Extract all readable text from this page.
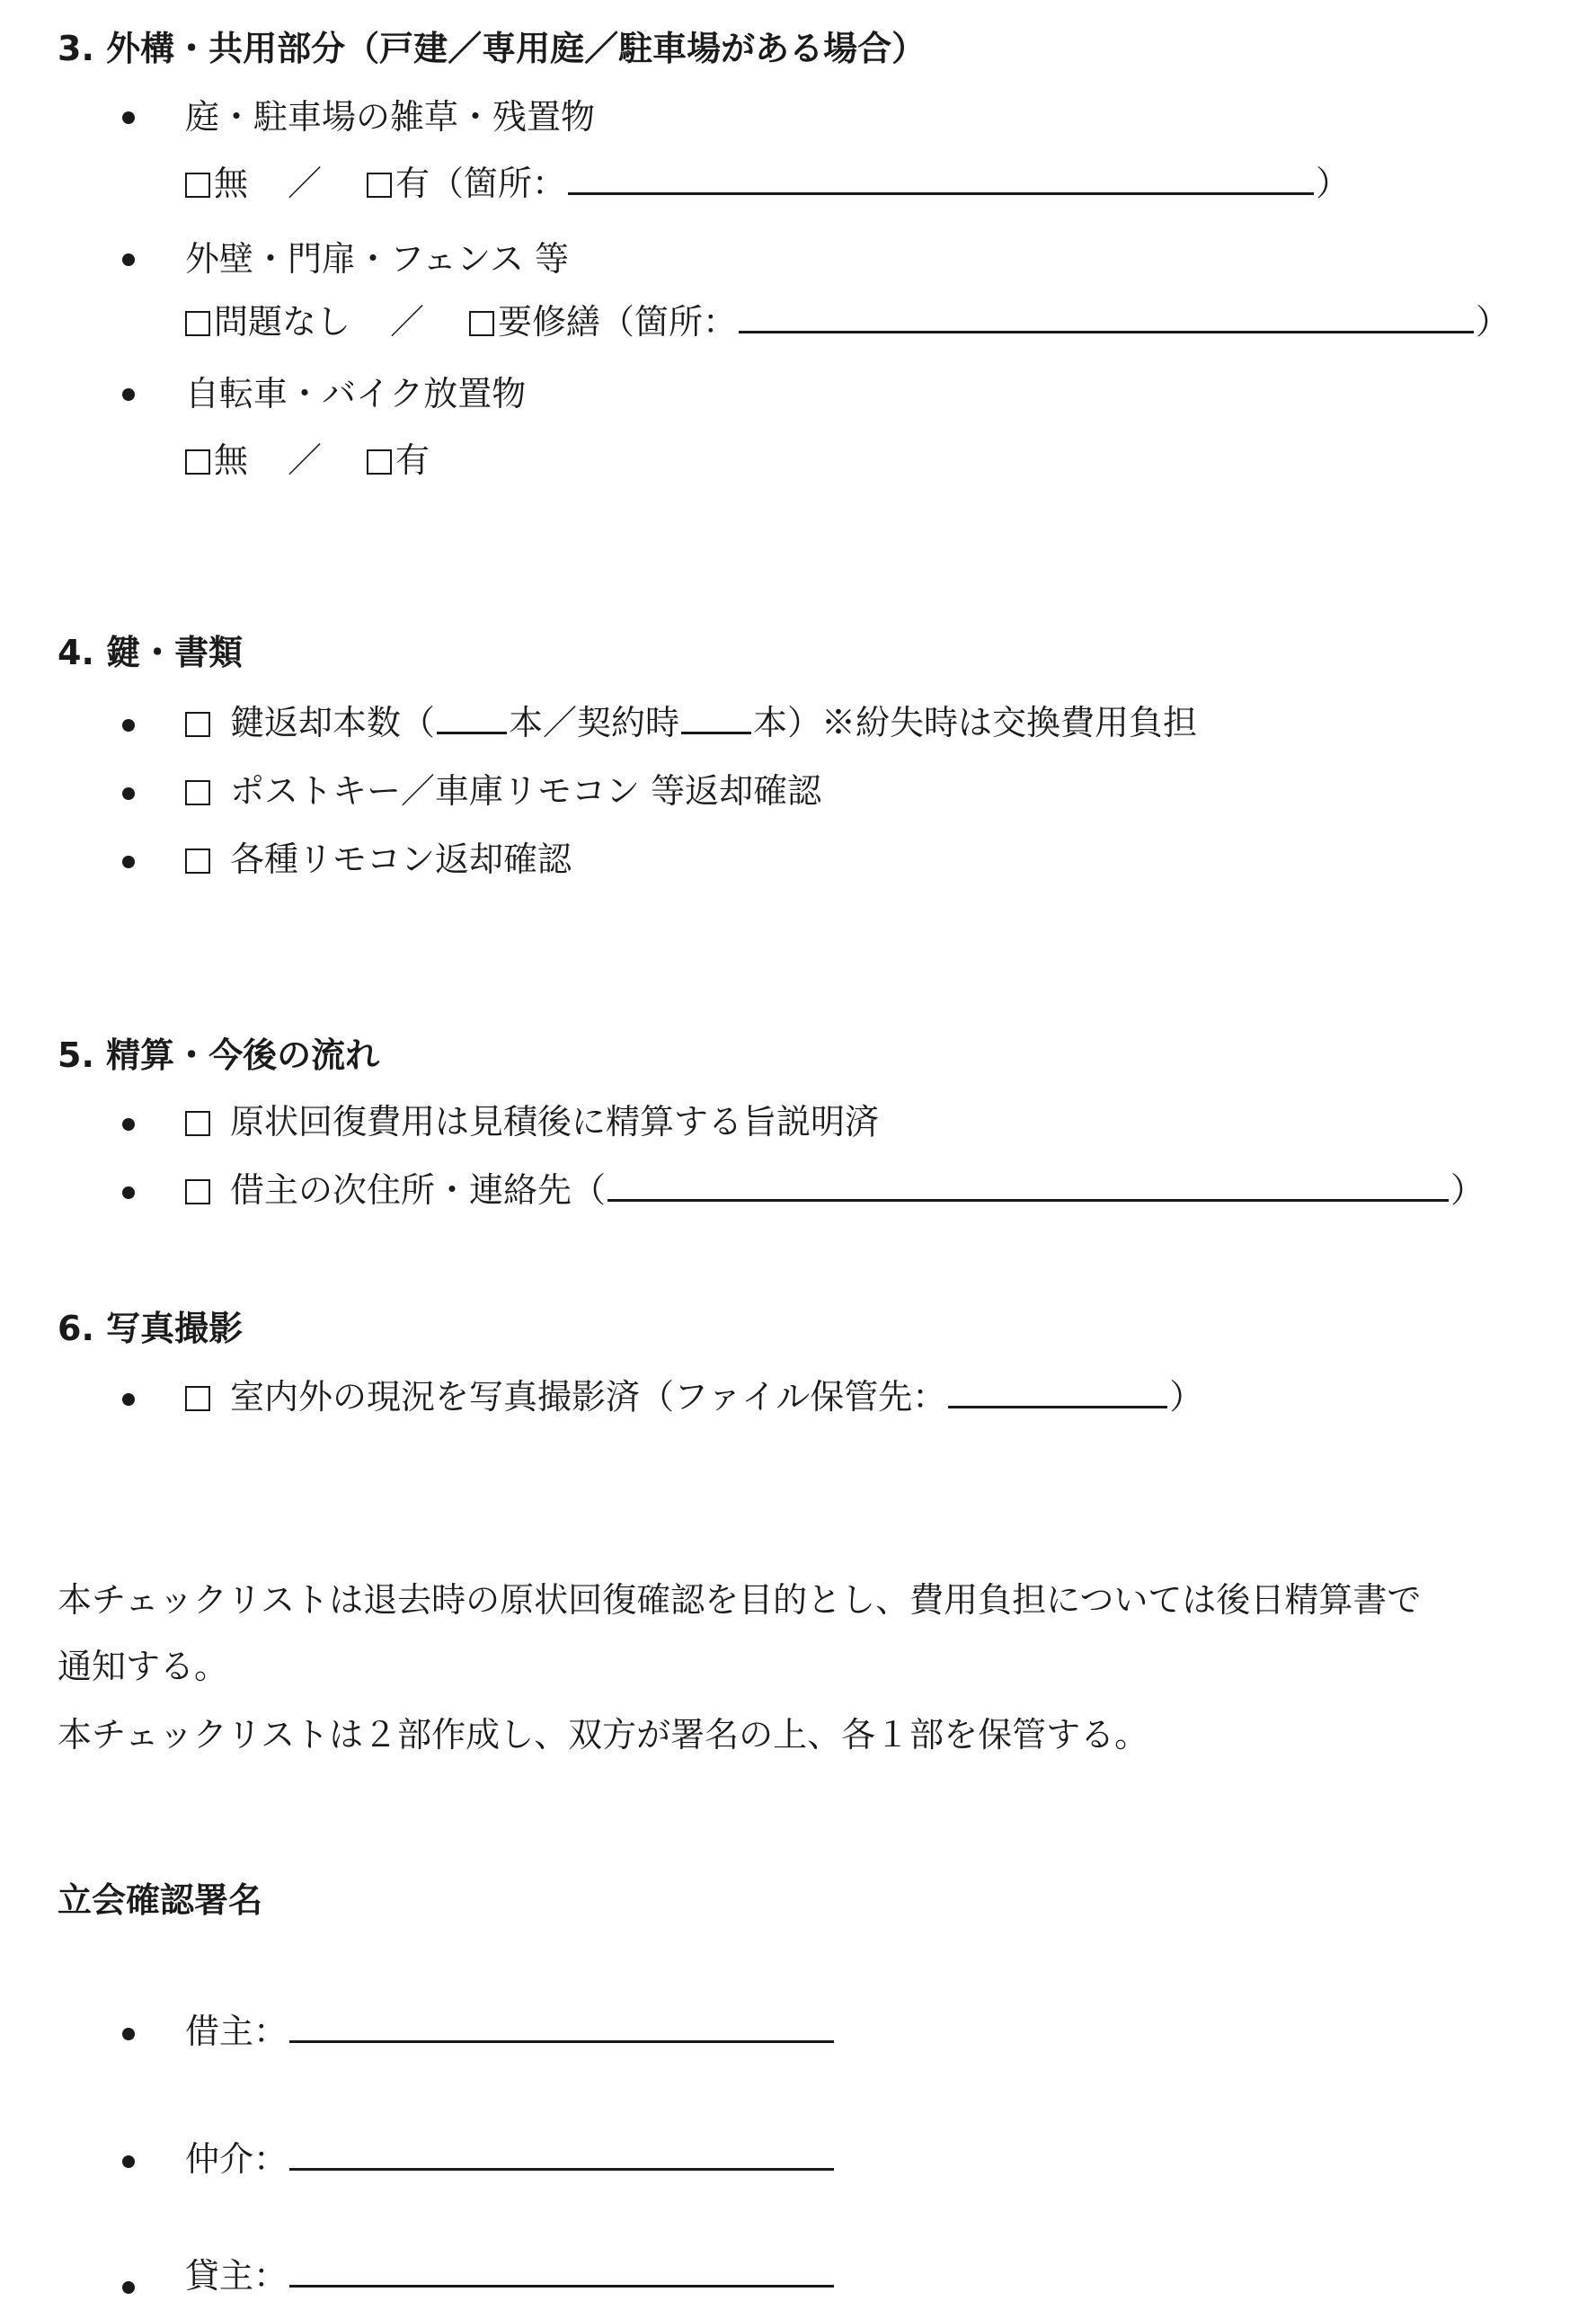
3. 外構・共用部分（戸建／専用庭／駐車場がある場合）
庭・駐車場の雑草・残置物
無 ／ 有（箇所：	）
外壁・門扉・フェンス 等
問題なし ／ 要修繕（箇所：	）
自転車・バイク放置物
無 ／ 有
4. 鍵・書類
鍵返却本数（ 本／契約時 本）※紛失時は交換費用負担
ポストキー／車庫リモコン 等返却確認
各種リモコン返却確認
5. 精算・今後の流れ
原状回復費用は見積後に精算する旨説明済
借主の次住所・連絡先（	）
6. 写真撮影
室内外の現況を写真撮影済（ファイル保管先：	）
本チェックリストは退去時の原状回復確認を目的とし、費用負担については後日精算書で
通知する。
本チェックリストは２部作成し、双方が署名の上、各１部を保管する。
立会確認署名
借主：
仲介：
貸主：
